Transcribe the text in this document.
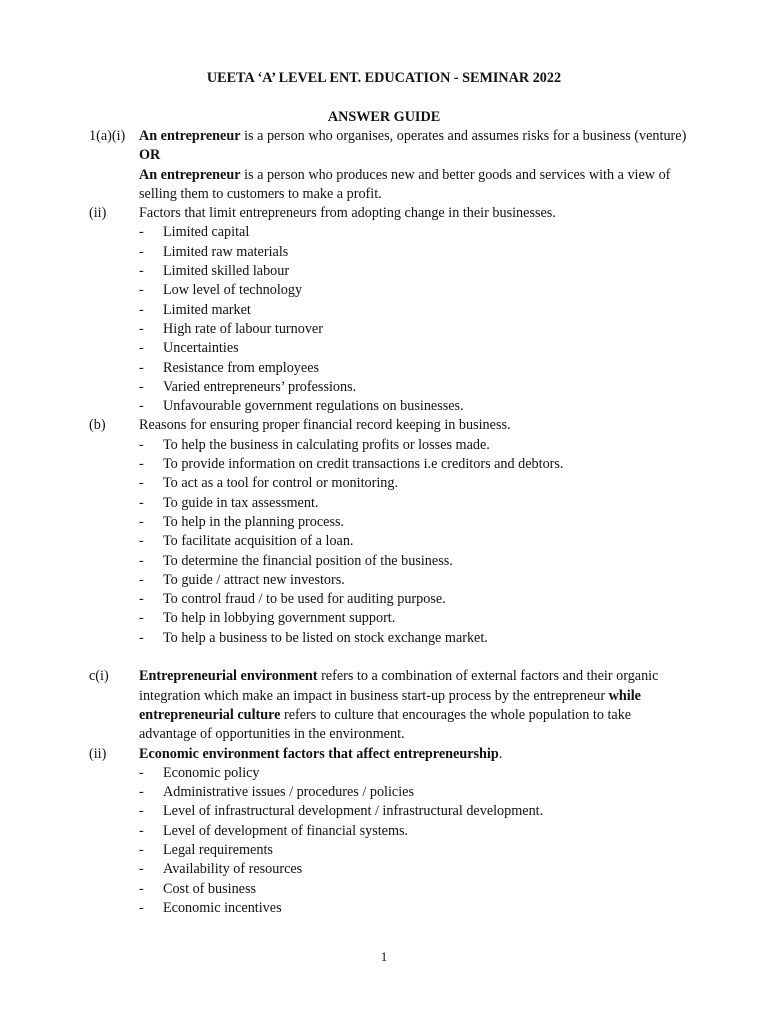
UEETA ‘A’ LEVEL ENT. EDUCATION - SEMINAR 2022
ANSWER GUIDE
1(a)(i) An entrepreneur is a person who organises, operates and assumes risks for a business (venture)

OR

An entrepreneur is a person who produces new and better goods and services with a view of selling them to customers to make a profit.

(ii)	Factors that limit entrepreneurs from adopting change in their businesses.

-	Limited capital
-	Limited raw materials
-	Limited skilled labour
-	Low level of technology
-	Limited market
-	High rate of labour turnover
-	Uncertainties
-	Resistance from employees
-	Varied entrepreneurs’ professions.
-	Unfavourable government regulations on businesses.
(b)	Reasons for ensuring proper financial record keeping in business.

-	To help the business in calculating profits or losses made.
-	To provide information on credit transactions i.e creditors and debtors.
-	To act as a tool for control or monitoring.
-	To guide in tax assessment.
-	To help in the planning process.
-	To facilitate acquisition of a loan.
-	To determine the financial position of the business.
-	To guide / attract new investors.
-	To control fraud / to be used for auditing purpose.
-	To help in lobbying government support.
-	To help a business to be listed on stock exchange market.
c(i)	Entrepreneurial environment refers to a combination of external factors and their organic integration which make an impact in business start-up process by the entrepreneur while entrepreneurial culture refers to culture that encourages the whole population to take advantage of opportunities in the environment.

(ii)	Economic environment factors that affect entrepreneurship.

-	Economic policy
-	Administrative issues / procedures / policies
-	Level of infrastructural development / infrastructural development.
-	Level of development of financial systems.
-	Legal requirements
-	Availability of resources
-	Cost of business
-	Economic incentives
1
